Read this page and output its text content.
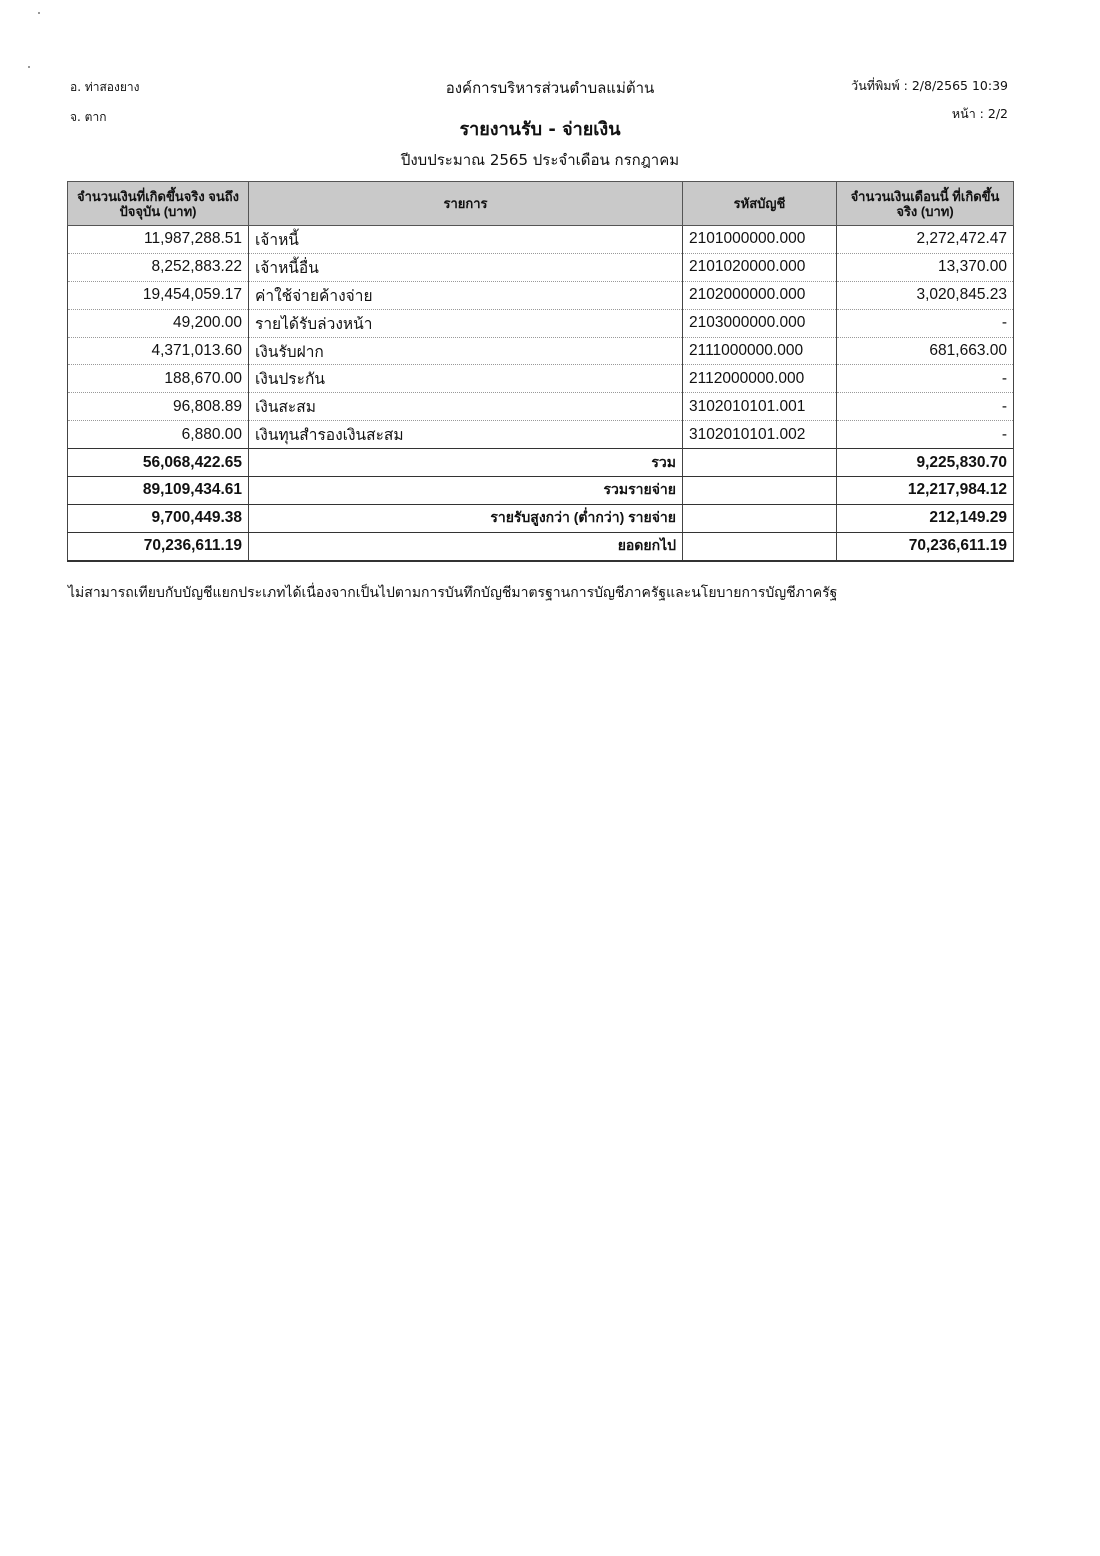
อ. ท่าสองยาง
จ. ตาก
องค์การบริหารส่วนตำบลแม่ต้าน	วันที่พิมพ์ : 2/8/2565 10:39
หน้า : 2/2
รายงานรับ - จ่ายเงิน
ปีงบประมาณ 2565 ประจำเดือน กรกฎาคม
จำนวนเงินที่เกิดขึ้นจริง จนถึงปัจจุบัน (บาท)	รายการ	รหัสบัญชี	จำนวนเงินเดือนนี้ ที่เกิดขึ้นจริง (บาท)
11,987,288.51	เจ้าหนี้	2101000000.000	2,272,472.47
8,252,883.22	เจ้าหนี้อื่น	2101020000.000	13,370.00
19,454,059.17	ค่าใช้จ่ายค้างจ่าย	2102000000.000	3,020,845.23
49,200.00	รายได้รับล่วงหน้า	2103000000.000	-
4,371,013.60	เงินรับฝาก	2111000000.000	681,663.00
188,670.00	เงินประกัน	2112000000.000	-
96,808.89	เงินสะสม	3102010101.001	-
6,880.00	เงินทุนสำรองเงินสะสม	3102010101.002	-
56,068,422.65	รวม		9,225,830.70
89,109,434.61	รวมรายจ่าย		12,217,984.12
9,700,449.38	รายรับสูงกว่า (ต่ำกว่า) รายจ่าย		212,149.29
70,236,611.19	ยอดยกไป		70,236,611.19
ไม่สามารถเทียบกับบัญชีแยกประเภทได้เนื่องจากเป็นไปตามการบันทึกบัญชีมาตรฐานการบัญชีภาครัฐและนโยบายการบัญชีภาครัฐ
